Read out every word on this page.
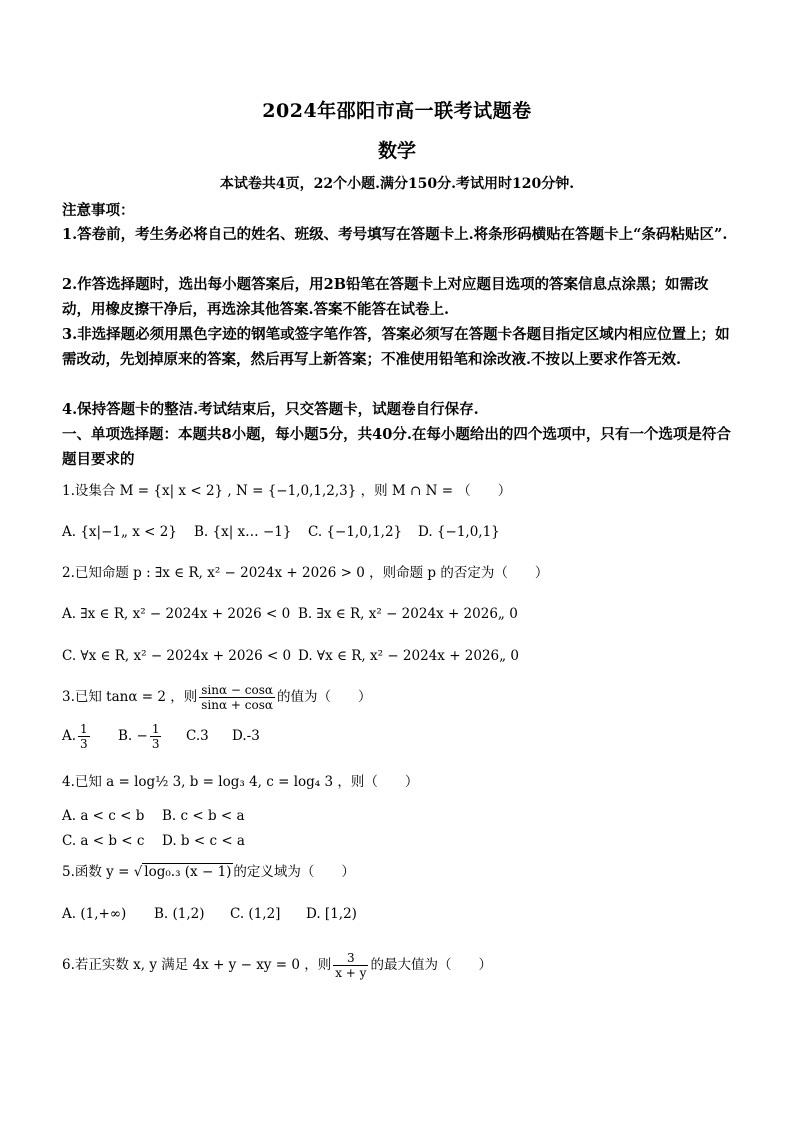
2024年邵阳市高一联考试题卷
数学
本试卷共4页，22个小题.满分150分.考试用时120分钟.
注意事项：
1.答卷前，考生务必将自己的姓名、班级、考号填写在答题卡上.将条形码横贴在答题卡上“条码粘贴区”.
2.作答选择题时，选出每小题答案后，用2B铅笔在答题卡上对应题目选项的答案信息点涂黑；如需改动，用橡皮擦干净后，再选涂其他答案.答案不能答在试卷上.
3.非选择题必须用黑色字迹的钢笔或签字笔作答，答案必须写在答题卡各题目指定区域内相应位置上；如需改动，先划掉原来的答案，然后再写上新答案；不准使用铅笔和涂改液.不按以上要求作答无效.
4.保持答题卡的整洁.考试结束后，只交答题卡，试题卷自行保存.
一、单项选择题：本题共8小题，每小题5分，共40分.在每小题给出的四个选项中，只有一个选项是符合题目要求的
1.设集合 M = {x| x < 2} , N = {−1,0,1,2,3} ，则 M ∩ N = （　　）
A. {x|−1„ x < 2} B. {x| x… −1} C. {−1,0,1,2} D. {−1,0,1}
2.已知命题 p : ∃x ∈ R, x² − 2024x + 2026 > 0 ，则命题 p 的否定为（　　）
A. ∃x ∈ R, x² − 2024x + 2026 < 0 B. ∃x ∈ R, x² − 2024x + 2026„ 0
C. ∀x ∈ R, x² − 2024x + 2026 < 0 D. ∀x ∈ R, x² − 2024x + 2026„ 0
3.已知 tanα = 2 ，则 $\frac{\sin\alpha - \cos\alpha}{\sin\alpha + \cos\alpha}$ 的值为（　　）
A. $\frac{1}{3} B$. − $\frac{1}{3} C.3$ D.-3
4.已知 a = log½ 3, b = log₃ 4, c = log₄ 3 ，则（　　）
A. a < c < b B. c < b < a
C. a < b < c D. b < c < a
5.函数 y = √ log₀.₃ (x − 1) 的定义域为（　　）
A. (1,+∞) B. (1,2) C. (1,2] D. [1,2)
6.若正实数 x, y 满足 4x + y − xy = 0 ，则 $\frac{3}{x + y}$ 的最大值为（　　）
